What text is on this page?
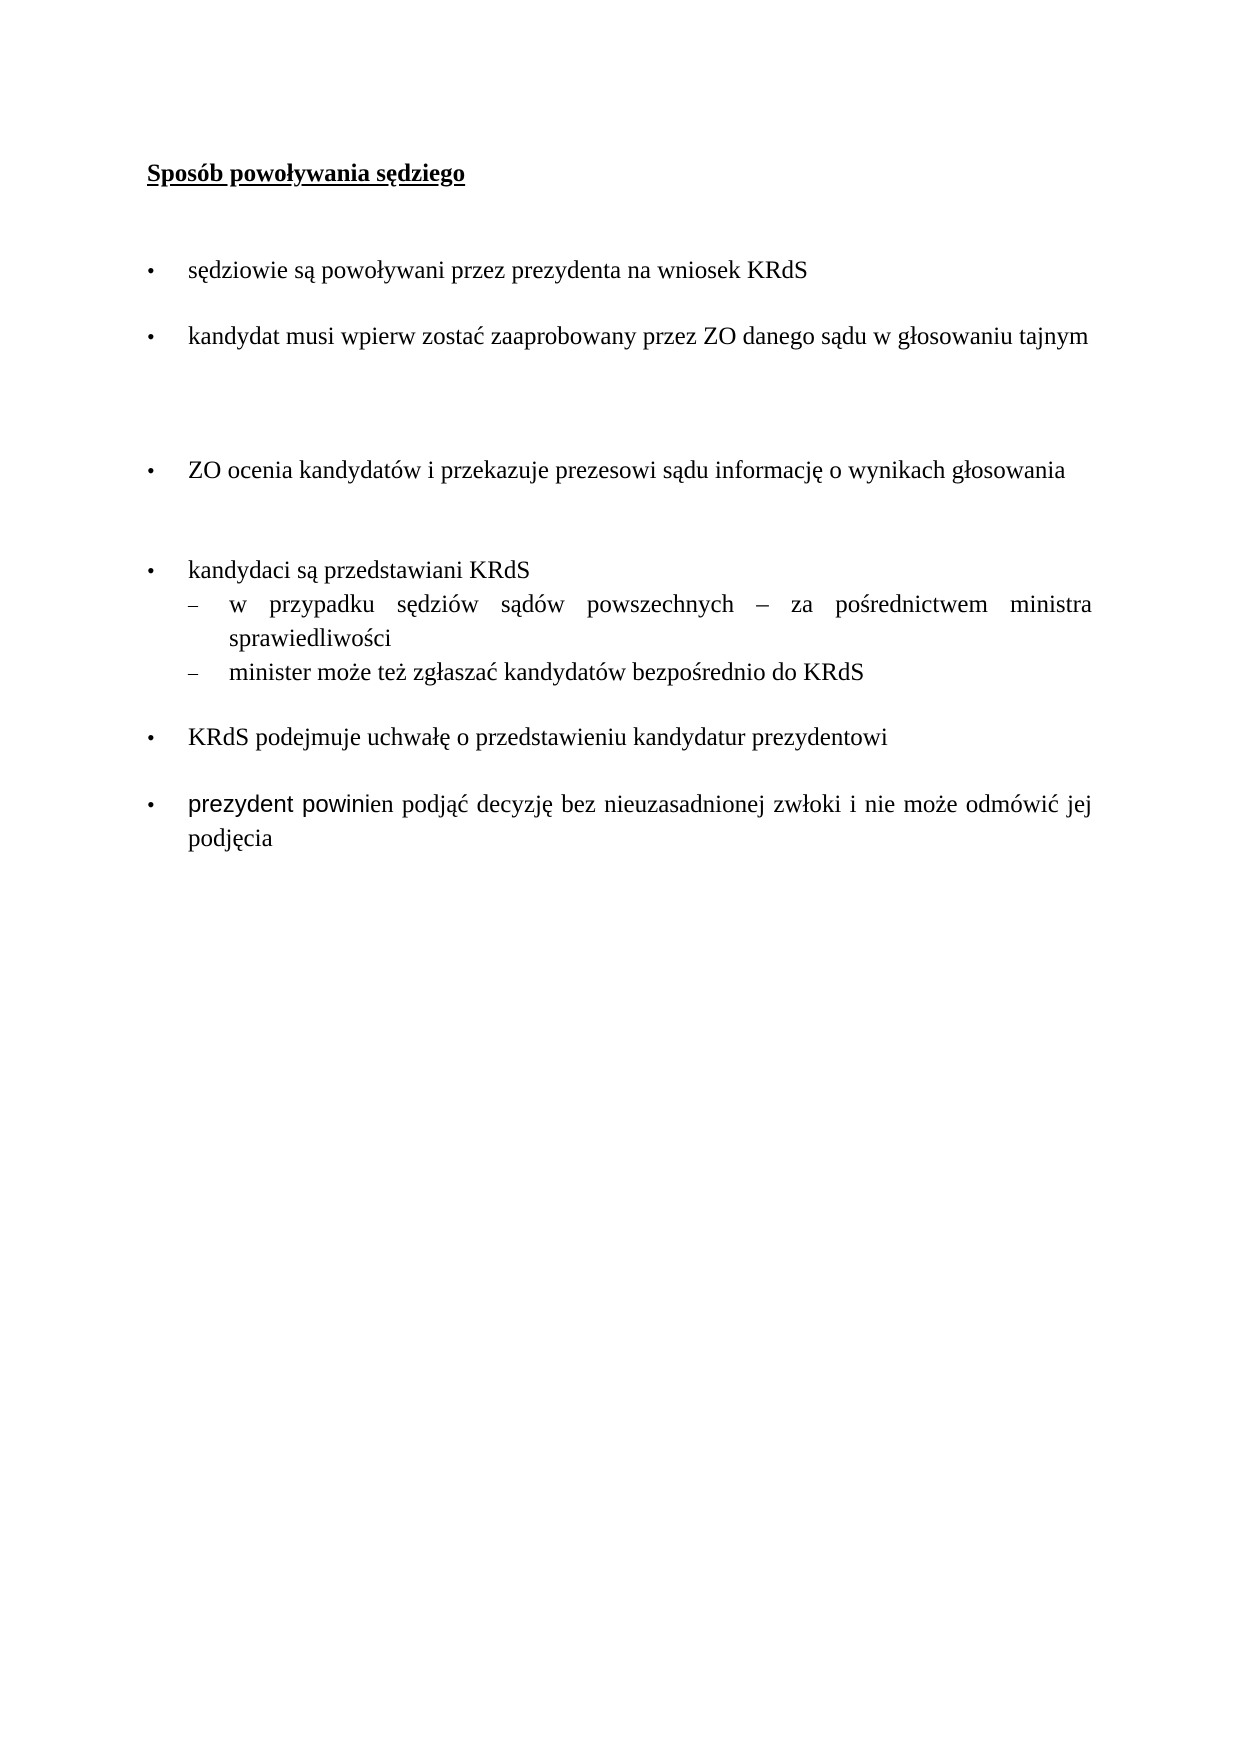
Sposób powoływania sędziego
•	sędziowie są powoływani przez prezydenta na wniosek KRdS
•	kandydat musi wpierw zostać zaaprobowany przez ZO danego sądu w głosowaniu tajnym
•	ZO ocenia kandydatów i przekazuje prezesowi sądu informację o wynikach głosowania
•	kandydaci są przedstawiani KRdS
–	w przypadku sędziów sądów powszechnych – za pośrednictwem ministra sprawiedliwości
–	minister może też zgłaszać kandydatów bezpośrednio do KRdS
•	KRdS podejmuje uchwałę o przedstawieniu kandydatur prezydentowi
•	prezydent powinien podjąć decyzję bez nieuzasadnionej zwłoki i nie może odmówić jej podjęcia
